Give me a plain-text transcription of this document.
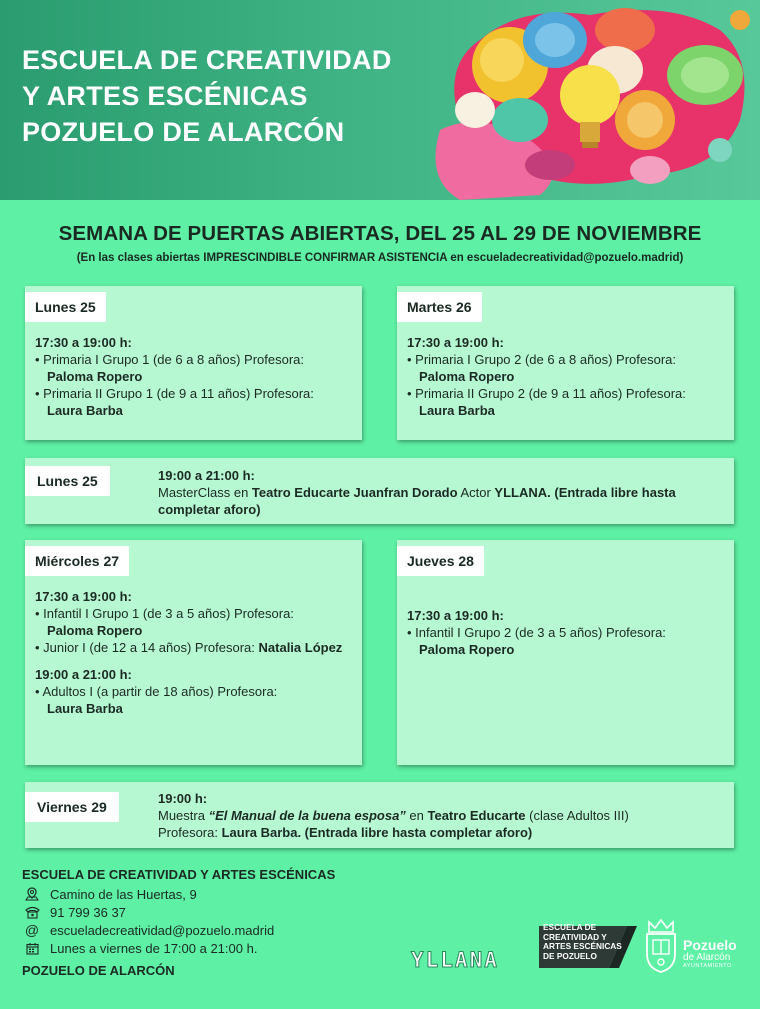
ESCUELA DE CREATIVIDAD
Y ARTES ESCÉNICAS
POZUELO DE ALARCÓN
SEMANA DE PUERTAS ABIERTAS, DEL 25 AL 29 DE NOVIEMBRE
(En las clases abiertas IMPRESCINDIBLE CONFIRMAR ASISTENCIA en escueladecreatividad@pozuelo.madrid)
Lunes 25
17:30 a 19:00 h:
• Primaria I Grupo 1 (de 6 a 8 años) Profesora:
Paloma Ropero
• Primaria II Grupo 1 (de 9 a 11 años) Profesora:
Laura Barba
Martes 26
17:30 a 19:00 h:
• Primaria I Grupo 2 (de 6 a 8 años) Profesora:
Paloma Ropero
• Primaria II Grupo 2 (de 9 a 11 años) Profesora:
Laura Barba
Lunes 25	19:00 a 21:00 h:
MasterClass en Teatro Educarte Juanfran Dorado Actor YLLANA. (Entrada libre hasta completar aforo)
Miércoles 27
17:30 a 19:00 h:
• Infantil I Grupo 1 (de 3 a 5 años) Profesora:
Paloma Ropero
• Junior I (de 12 a 14 años) Profesora: Natalia López
19:00 a 21:00 h:
• Adultos I (a partir de 18 años) Profesora:
Laura Barba
Jueves 28
17:30 a 19:00 h:
• Infantil I Grupo 2 (de 3 a 5 años) Profesora:
Paloma Ropero
Viernes 29
19:00 h:
Muestra “El Manual de la buena esposa” en Teatro Educarte (clase Adultos III)
Profesora: Laura Barba. (Entrada libre hasta completar aforo)
ESCUELA DE CREATIVIDAD Y ARTES ESCÉNICAS
Camino de las Huertas, 9
91 799 36 37
@ escueladecreatividad@pozuelo.madrid
Lunes a viernes de 17:00 a 21:00 h.
POZUELO DE ALARCÓN	YLLANA
ESCUELA DE
CREATIVIDAD Y
ARTES ESCÉNICAS
DE POZUELO
Pozuelo
de Alarcón
AYUNTAMIENTO
